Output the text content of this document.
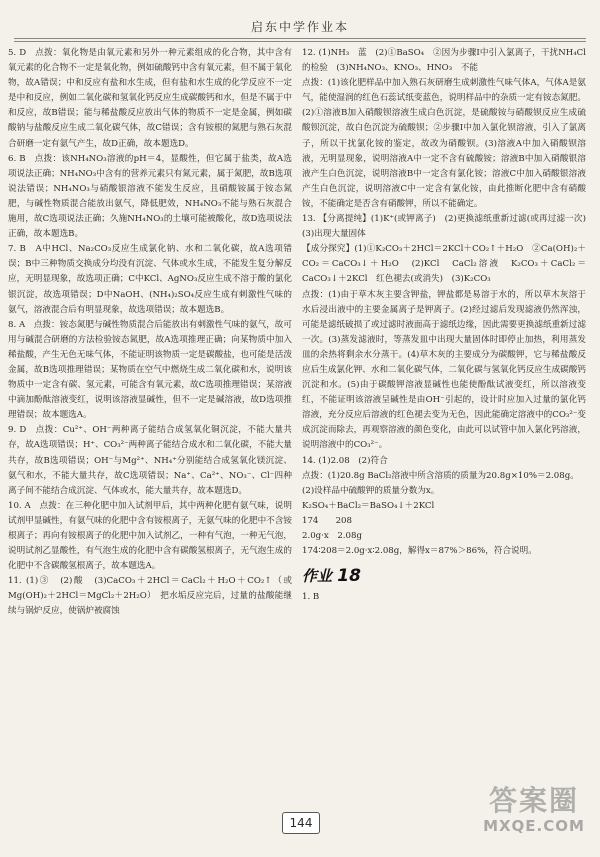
启东中学作业本

5. D　点拨：氧化物是由氧元素和另外一种元素组成的化合物，其中含有氧元素的化合物不一定是氧化物，例如硫酸钙中含有氧元素，但不属于氧化物，故A错误；中和反应有盐和水生成，但有盐和水生成的化学反应不一定是中和反应，例如二氧化碳和氢氧化钙反应生成碳酸钙和水，但是不属于中和反应，故B错误；能与稀盐酸反应放出气体的物质不一定是金属，例如碳酸钠与盐酸反应生成二氧化碳气体，故C错误；含有铵根的氮肥与熟石灰混合研磨一定有氨气产生，故D正确，故本题选D。

6. B　点拨：该NH₄NO₃溶液的pH＝4，显酸性，但它属于盐类，故A选项说法正确；NH₄NO₃中含有的营养元素只有氮元素，属于氮肥，故B选项说法错误；NH₄NO₃与硝酸银溶液不能发生反应，且硝酸铵属于铵态氮肥，与碱性物质混合能放出氨气，降低肥效，NH₄NO₃不能与熟石灰混合施用，故C选项说法正确；久施NH₄NO₃的土壤可能被酸化，故D选项说法正确，故本题选B。

7. B　A中HCl、Na₂CO₃反应生成氯化钠、水和二氧化碳，故A选项错误；B中三种物质交换成分均没有沉淀、气体或水生成，不能发生复分解反应，无明显现象，故选项正确；C中KCl、AgNO₃反应生成不溶于酸的氯化银沉淀，故选项错误；D中NaOH、(NH₄)₂SO₄反应生成有刺激性气味的氨气，溶液混合后有明显现象，故选项错误；故本题选B。

8. A　点拨：铵态氮肥与碱性物质混合后能放出有刺激性气味的氨气，故可用与碱混合研磨的方法检验铵态氮肥，故A选项推理正确；向某物质中加入稀盐酸，产生无色无味气体，不能证明该物质一定是碳酸盐，也可能是活泼金属，故B选项推理错误；某物质在空气中燃烧生成二氧化碳和水，说明该物质中一定含有碳、氢元素，可能含有氧元素，故C选项推理错误；某溶液中滴加酚酞溶液变红，说明该溶液显碱性，但不一定是碱溶液，故D选项推理错误；故本题选A。

9. D　点拨：Cu²⁺、OH⁻两种离子能结合成氢氧化铜沉淀，不能大量共存，故A选项错误；H⁺、CO₃²⁻两种离子能结合成水和二氧化碳，不能大量共存，故B选项错误；OH⁻与Mg²⁺、NH₄⁺分别能结合成氢氧化镁沉淀、氨气和水，不能大量共存，故C选项错误；Na⁺、Ca²⁺、NO₃⁻、Cl⁻四种离子间不能结合成沉淀、气体或水，能大量共存，故本题选D。

10. A　点拨：在三种化肥中加入试剂甲后，其中两种化肥有氨气味，说明试剂甲显碱性，有氨气味的化肥中含有铵根离子，无氨气味的化肥中不含铵根离子；再向有铵根离子的化肥中加入试剂乙，一种有气泡，一种无气泡，说明试剂乙显酸性，有气泡生成的化肥中含有碳酸氢根离子，无气泡生成的化肥中不含碳酸氢根离子，故本题选A。

11. (1)③　(2)酸　(3)CaCO₃＋2HCl＝CaCl₂＋H₂O＋CO₂↑（或Mg(OH)₂＋2HCl＝MgCl₂＋2H₂O）　把水垢反应完后，过量的盐酸能继续与锅炉反应，使锅炉被腐蚀

12. (1)NH₃　蓝　(2)①BaSO₄　②因为步骤Ⅰ中引入氯离子，干扰NH₄Cl的检验　(3)NH₄NO₃、KNO₃、HNO₃　不能

点拨：(1)该化肥样品中加入熟石灰研磨生成刺激性气味气体A，气体A是氨气，能使湿润的红色石蕊试纸变蓝色，说明样品中的杂质一定有铵态氮肥。(2)①溶液B加入硝酸钡溶液生成白色沉淀，是硫酸铵与硝酸钡反应生成硫酸钡沉淀，故白色沉淀为硫酸钡；②步骤Ⅰ中加入氯化钡溶液，引入了氯离子，所以干扰氯化铵的鉴定，故改为硝酸钡。(3)溶液A中加入硝酸钡溶液，无明显现象，说明溶液A中一定不含有硫酸铵；溶液B中加入硝酸银溶液产生白色沉淀，说明溶液B中一定含有氯化铵；溶液C中加入硝酸银溶液产生白色沉淀，说明溶液C中一定含有氯化铵，由此推断化肥中含有硝酸铵，不能确定是否含有硝酸钾，所以不能确定。

13. 【分离提纯】(1)K⁺(或钾离子)　(2)更换滤纸重新过滤(或再过滤一次)　(3)出现大量固体

【成分探究】(1)①K₂CO₃＋2HCl＝2KCl＋CO₂↑＋H₂O　②Ca(OH)₂＋CO₂＝CaCO₃↓＋H₂O　(2)KCl　CaCl₂溶液　K₂CO₃＋CaCl₂＝CaCO₃↓＋2KCl　红色褪去(或消失)　(3)K₂CO₃

点拨：(1)由于草木灰主要含钾盐，钾盐都是易溶于水的，所以草木灰溶于水后浸出液中的主要金属离子是钾离子。(2)经过滤后发现滤液仍然浑浊，可能是滤纸破损了或过滤时液面高于滤纸边缘，因此需要更换滤纸重新过滤一次。(3)蒸发滤液时，等蒸发皿中出现大量固体时即停止加热，利用蒸发皿的余热将剩余水分蒸干。(4)草木灰的主要成分为碳酸钾，它与稀盐酸反应后生成氯化钾、水和二氧化碳气体，二氧化碳与氢氧化钙反应生成碳酸钙沉淀和水。(5)由于碳酸钾溶液显碱性也能使酚酞试液变红，所以溶液变红，不能证明该溶液呈碱性是由OH⁻引起的，设计时应加入过量的氯化钙溶液，充分反应后溶液的红色褪去变为无色，因此能确定溶液中的CO₃²⁻变成沉淀而除去，再观察溶液的颜色变化，由此可以试管中加入氯化钙溶液，说明溶液中的CO₃²⁻。

14. (1)2.08　(2)符合

点拨：(1)20.8g BaCl₂溶液中所含溶质的质量为20.8g×10%＝2.08g。

(2)设样品中硫酸钾的质量分数为x。

K₂SO₄＋BaCl₂＝BaSO₄↓＋2KCl

174　　208

2.0g·x　2.08g

174∶208＝2.0g·x∶2.08g，解得x＝87%＞86%，符合说明。

作业 18

1. B

144
答案圈
MXQE.COM
